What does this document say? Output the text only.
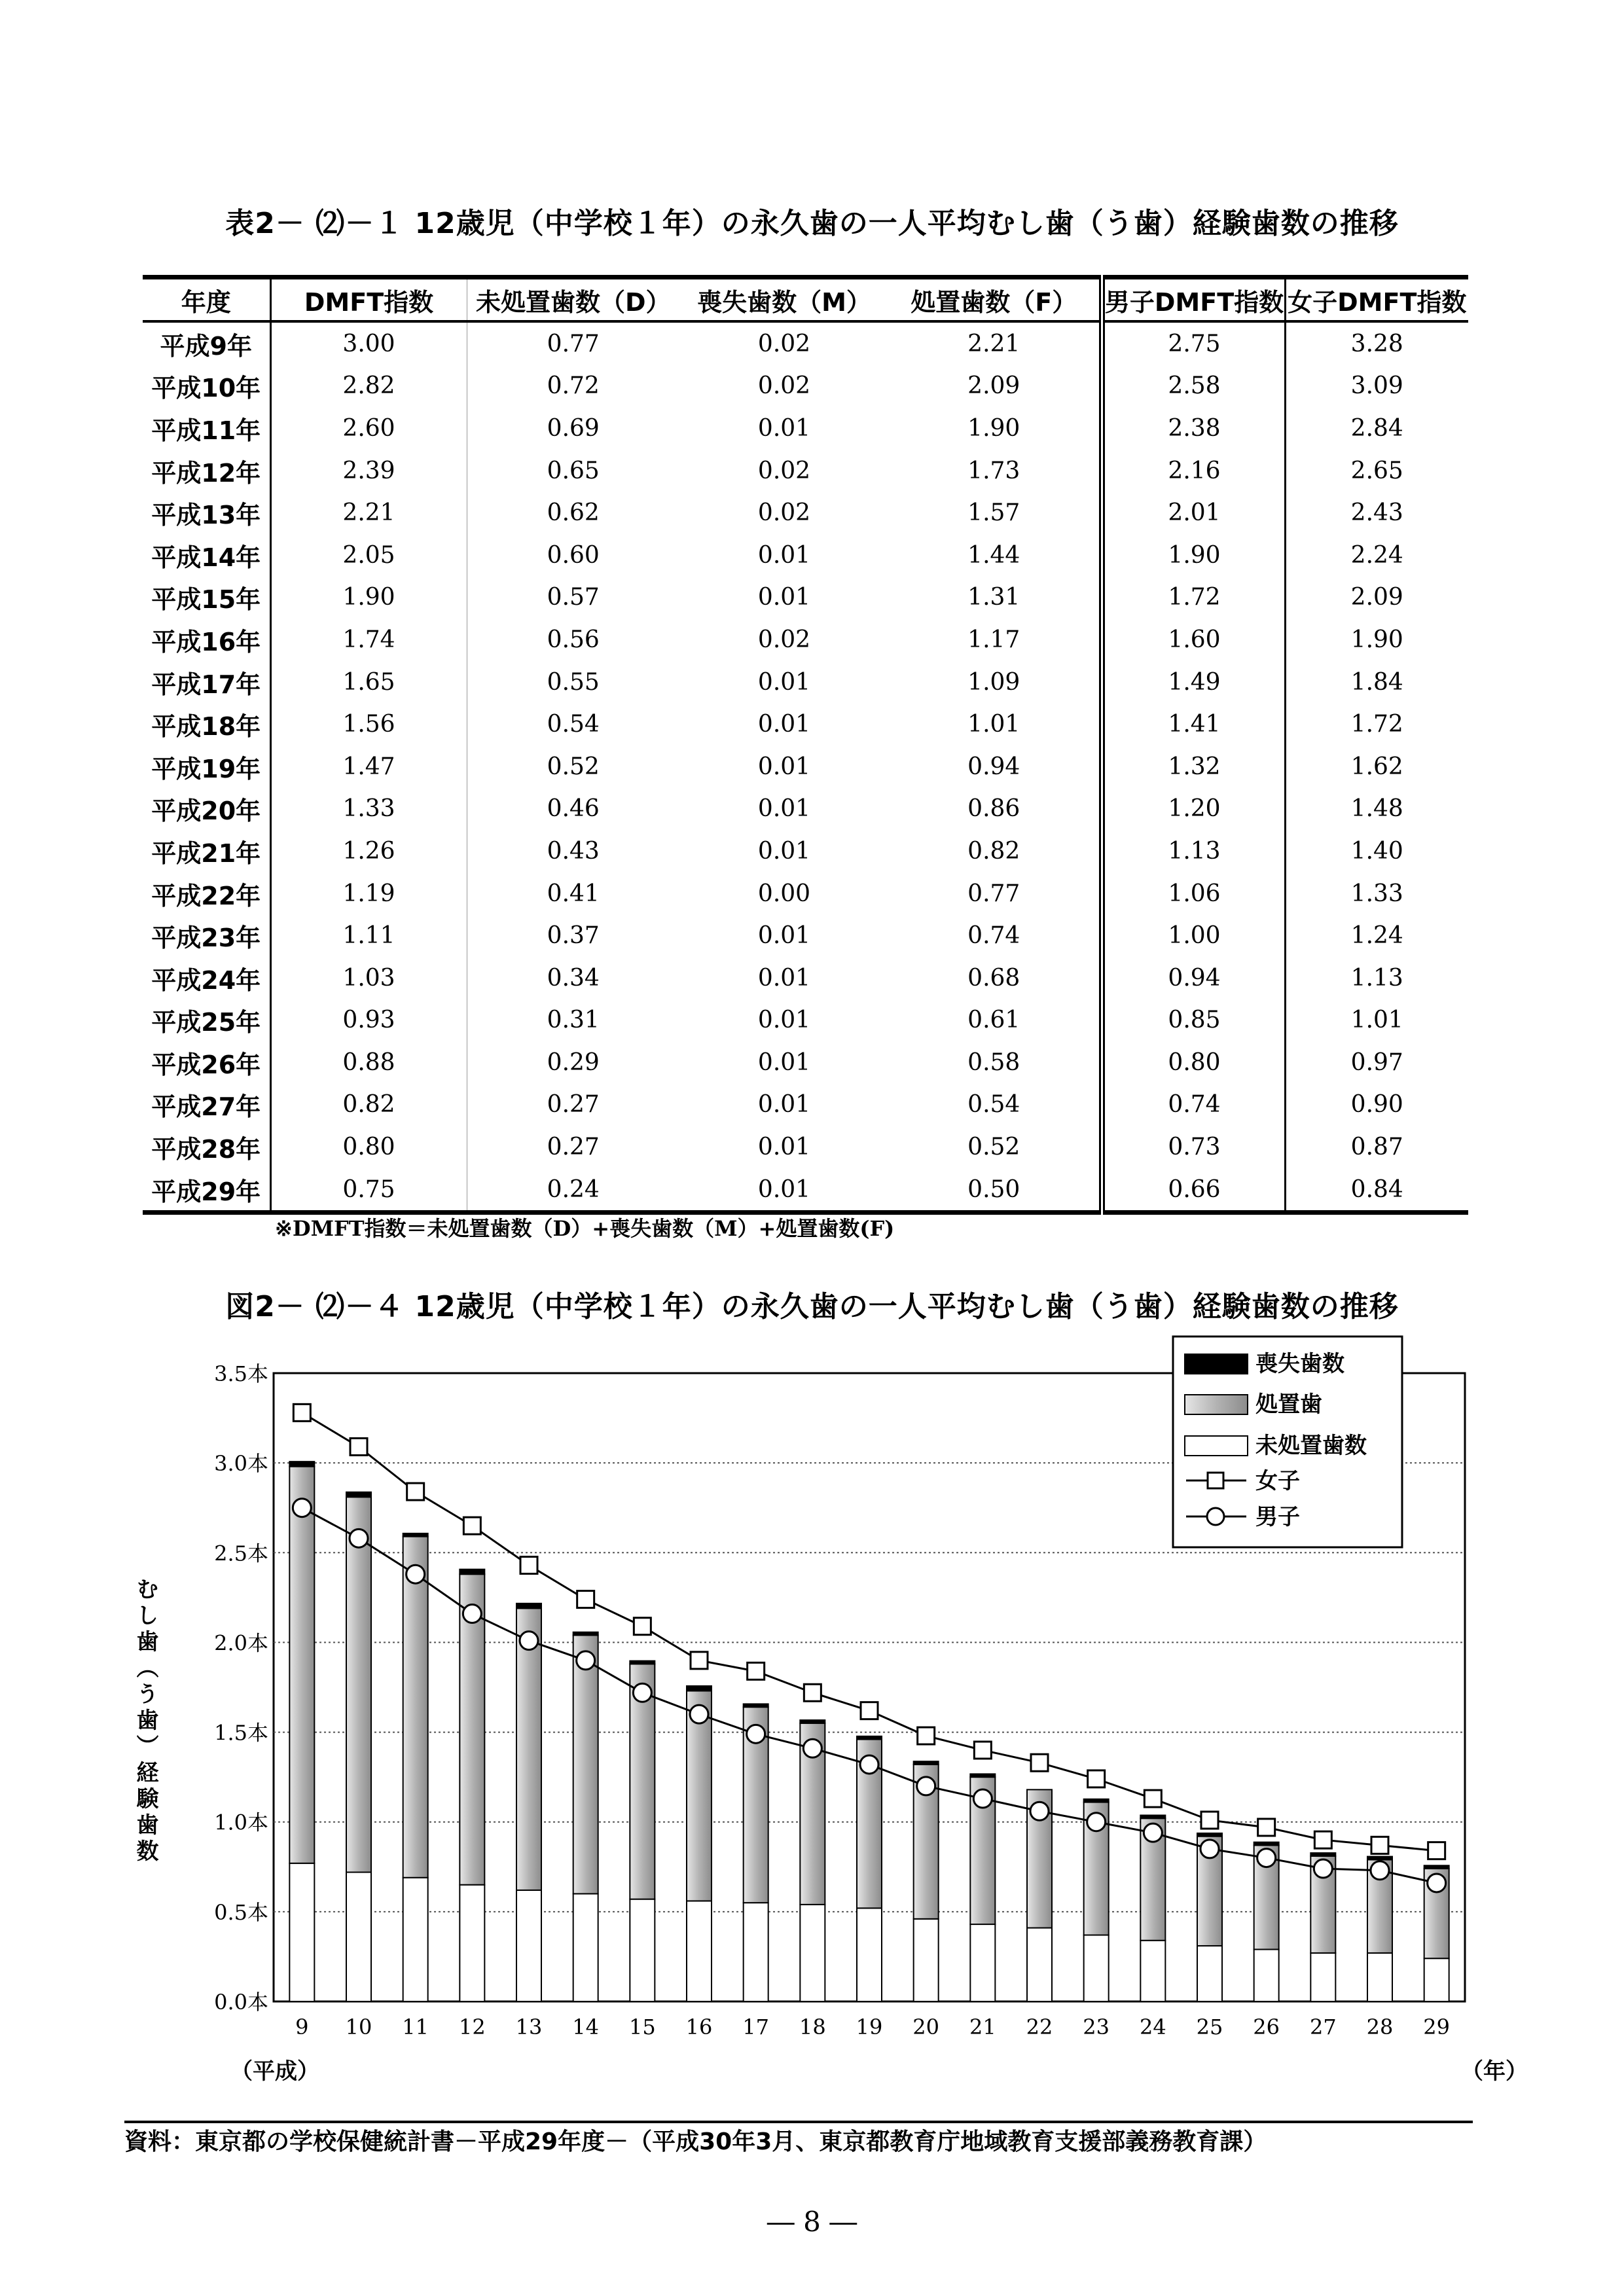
表2－ ⑵－１ 12歳児（中学校１年）の永久歯の一人平均むし歯（う歯）経験歯数の推移
年度	DMFT指数	未処置歯数（D）	喪失歯数（M）	処置歯数（F）	男子DMFT指数	女子DMFT指数
平成9年	3.00	0.77	0.02	2.21	2.75	3.28
平成10年	2.82	0.72	0.02	2.09	2.58	3.09
平成11年	2.60	0.69	0.01	1.90	2.38	2.84
平成12年	2.39	0.65	0.02	1.73	2.16	2.65
平成13年	2.21	0.62	0.02	1.57	2.01	2.43
平成14年	2.05	0.60	0.01	1.44	1.90	2.24
平成15年	1.90	0.57	0.01	1.31	1.72	2.09
平成16年	1.74	0.56	0.02	1.17	1.60	1.90
平成17年	1.65	0.55	0.01	1.09	1.49	1.84
平成18年	1.56	0.54	0.01	1.01	1.41	1.72
平成19年	1.47	0.52	0.01	0.94	1.32	1.62
平成20年	1.33	0.46	0.01	0.86	1.20	1.48
平成21年	1.26	0.43	0.01	0.82	1.13	1.40
平成22年	1.19	0.41	0.00	0.77	1.06	1.33
平成23年	1.11	0.37	0.01	0.74	1.00	1.24
平成24年	1.03	0.34	0.01	0.68	0.94	1.13
平成25年	0.93	0.31	0.01	0.61	0.85	1.01
平成26年	0.88	0.29	0.01	0.58	0.80	0.97
平成27年	0.82	0.27	0.01	0.54	0.74	0.90
平成28年	0.80	0.27	0.01	0.52	0.73	0.87
平成29年	0.75	0.24	0.01	0.50	0.66	0.84
※DMFT指数＝未処置歯数（D）+喪失歯数（M）+処置歯数(F)
図2－ ⑵－４ 12歳児（中学校１年）の永久歯の一人平均むし歯（う歯）経験歯数の推移
0.0本
0.5本
1.0本
1.5本
2.0本
2.5本
3.0本
3.5本
9 10 11 12 13 14 15 16 17 18 19 20 21 22 23 24 25 26 27 28 29
（平成）	（年）
むし歯（う歯）経験歯数
喪失歯数
処置歯
未処置歯数
女子
男子
資料：東京都の学校保健統計書－平成29年度－（平成30年3月、東京都教育庁地域教育支援部義務教育課）
― 8 ―
